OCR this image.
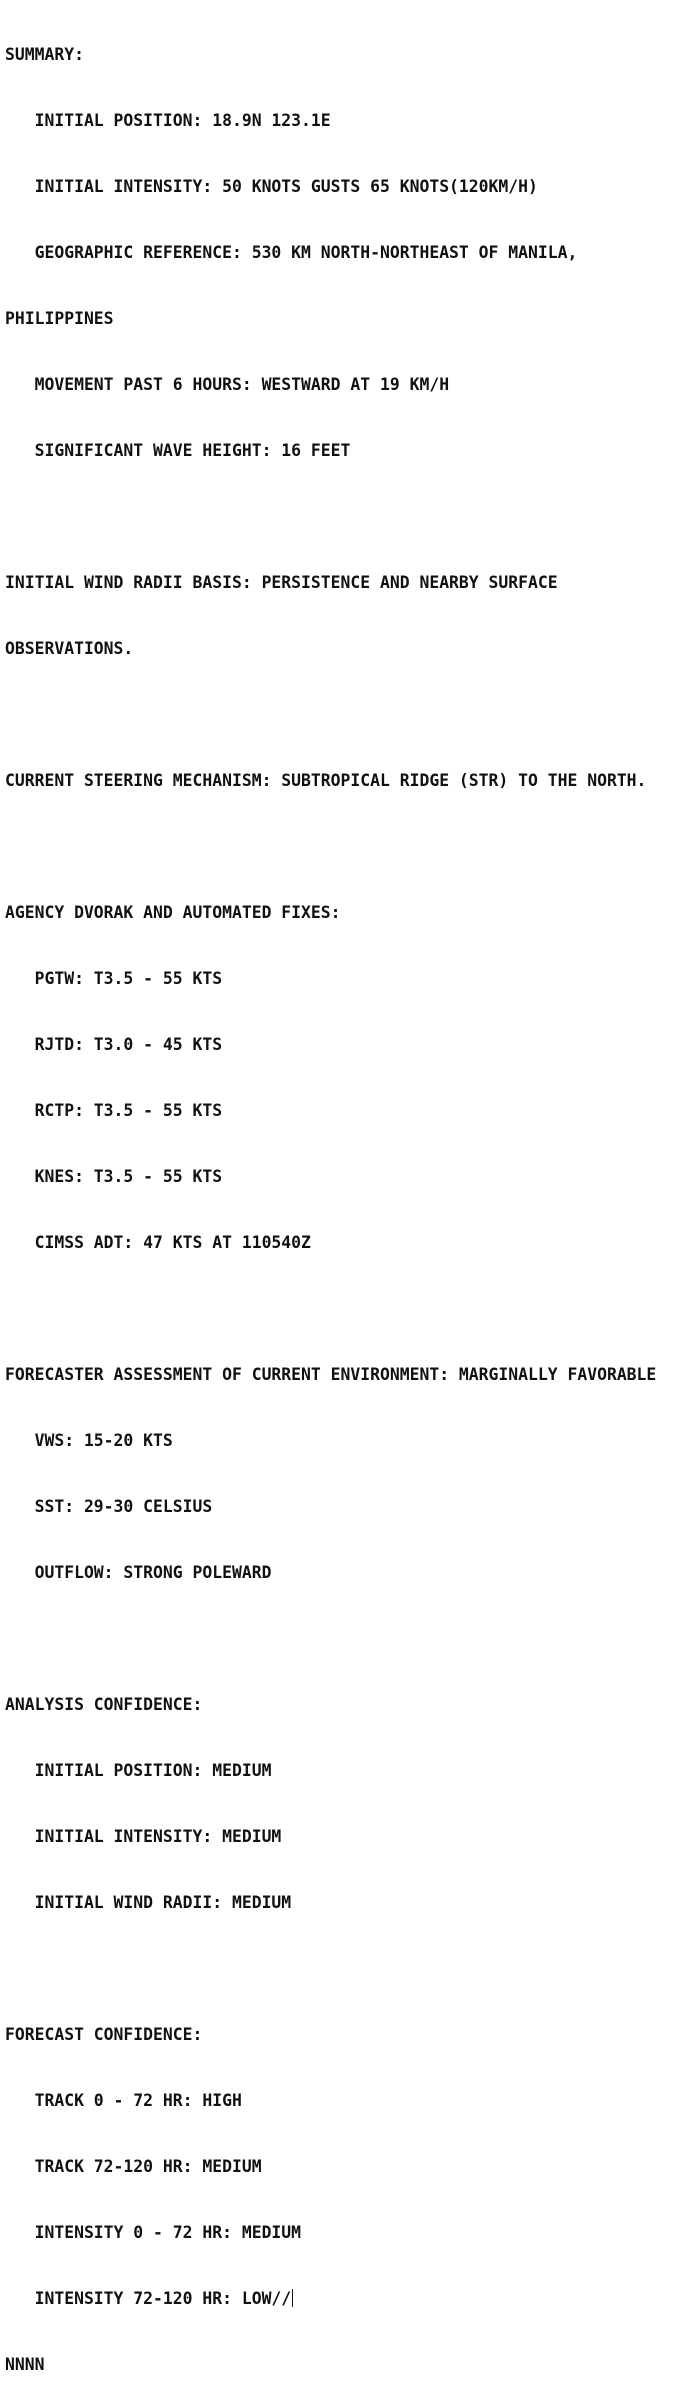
SUMMARY:

INITIAL POSITION: 18.9N 123.1E

INITIAL INTENSITY: 50 KNOTS GUSTS 65 KNOTS(120KM/H)

GEOGRAPHIC REFERENCE: 530 KM NORTH-NORTHEAST OF MANILA,

PHILIPPINES

MOVEMENT PAST 6 HOURS: WESTWARD AT 19 KM/H

SIGNIFICANT WAVE HEIGHT: 16 FEET

INITIAL WIND RADII BASIS: PERSISTENCE AND NEARBY SURFACE

OBSERVATIONS.

CURRENT STEERING MECHANISM: SUBTROPICAL RIDGE (STR) TO THE NORTH.

AGENCY DVORAK AND AUTOMATED FIXES:

PGTW: T3.5 - 55 KTS

RJTD: T3.0 - 45 KTS

RCTP: T3.5 - 55 KTS

KNES: T3.5 - 55 KTS

CIMSS ADT: 47 KTS AT 110540Z

FORECASTER ASSESSMENT OF CURRENT ENVIRONMENT: MARGINALLY FAVORABLE

VWS: 15-20 KTS

SST: 29-30 CELSIUS

OUTFLOW: STRONG POLEWARD

ANALYSIS CONFIDENCE:

INITIAL POSITION: MEDIUM

INITIAL INTENSITY: MEDIUM

INITIAL WIND RADII: MEDIUM

FORECAST CONFIDENCE:

TRACK 0 - 72 HR: HIGH

TRACK 72-120 HR: MEDIUM

INTENSITY 0 - 72 HR: MEDIUM

INTENSITY 72-120 HR: LOW//

NNNN
